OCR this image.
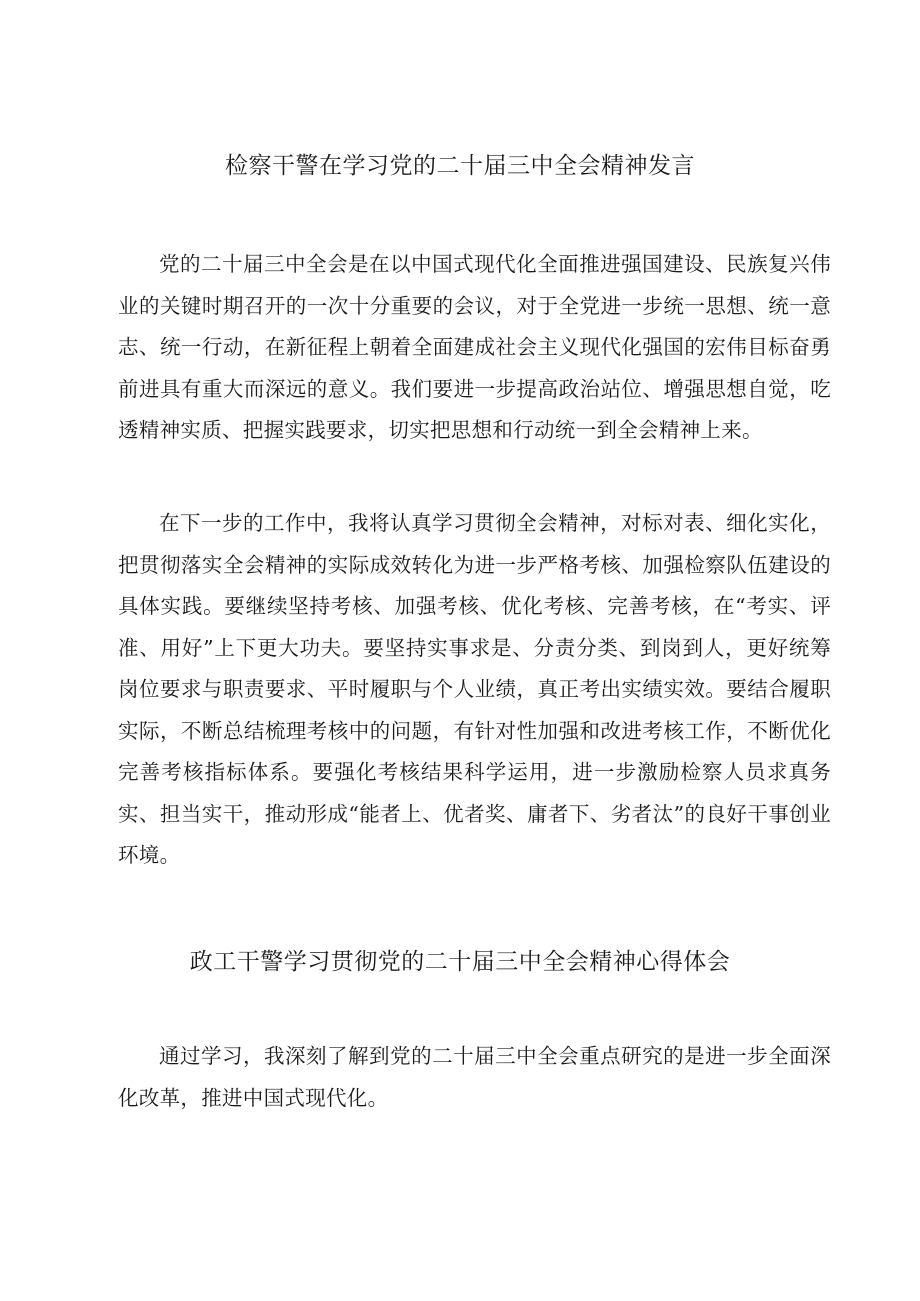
检察干警在学习党的二十届三中全会精神发言

党的二十届三中全会是在以中国式现代化全面推进强国建设、民族复兴伟业的关键时期召开的一次十分重要的会议，对于全党进一步统一思想、统一意志、统一行动，在新征程上朝着全面建成社会主义现代化强国的宏伟目标奋勇前进具有重大而深远的意义。我们要进一步提高政治站位、增强思想自觉，吃透精神实质、把握实践要求，切实把思想和行动统一到全会精神上来。

在下一步的工作中，我将认真学习贯彻全会精神，对标对表、细化实化，把贯彻落实全会精神的实际成效转化为进一步严格考核、加强检察队伍建设的具体实践。要继续坚持考核、加强考核、优化考核、完善考核，在“考实、评准、用好”上下更大功夫。要坚持实事求是、分责分类、到岗到人，更好统筹岗位要求与职责要求、平时履职与个人业绩，真正考出实绩实效。要结合履职实际，不断总结梳理考核中的问题，有针对性加强和改进考核工作，不断优化完善考核指标体系。要强化考核结果科学运用，进一步激励检察人员求真务实、担当实干，推动形成“能者上、优者奖、庸者下、劣者汰”的良好干事创业环境。

政工干警学习贯彻党的二十届三中全会精神心得体会

通过学习，我深刻了解到党的二十届三中全会重点研究的是进一步全面深化改革，推进中国式现代化。
